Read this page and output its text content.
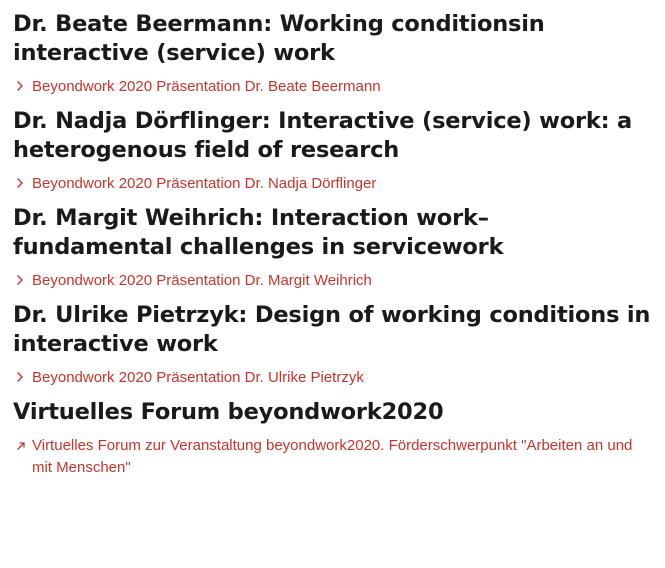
Dr. Beate Beermann: Working conditionsin interactive (service) work
Beyondwork 2020 Präsentation Dr. Beate Beermann
Dr. Nadja Dörflinger: Interactive (service) work: a heterogenous field of research
Beyondwork 2020 Präsentation Dr. Nadja Dörflinger
Dr. Margit Weihrich: Interaction work– fundamental challenges in servicework
Beyondwork 2020 Präsentation Dr. Margit Weihrich
Dr. Ulrike Pietrzyk: Design of working conditions in interactive work
Beyondwork 2020 Präsentation Dr. Ulrike Pietrzyk
Virtuelles Forum beyondwork2020
Virtuelles Forum zur Veranstaltung beyondwork2020. Förderschwerpunkt "Arbeiten an und mit Menschen"
